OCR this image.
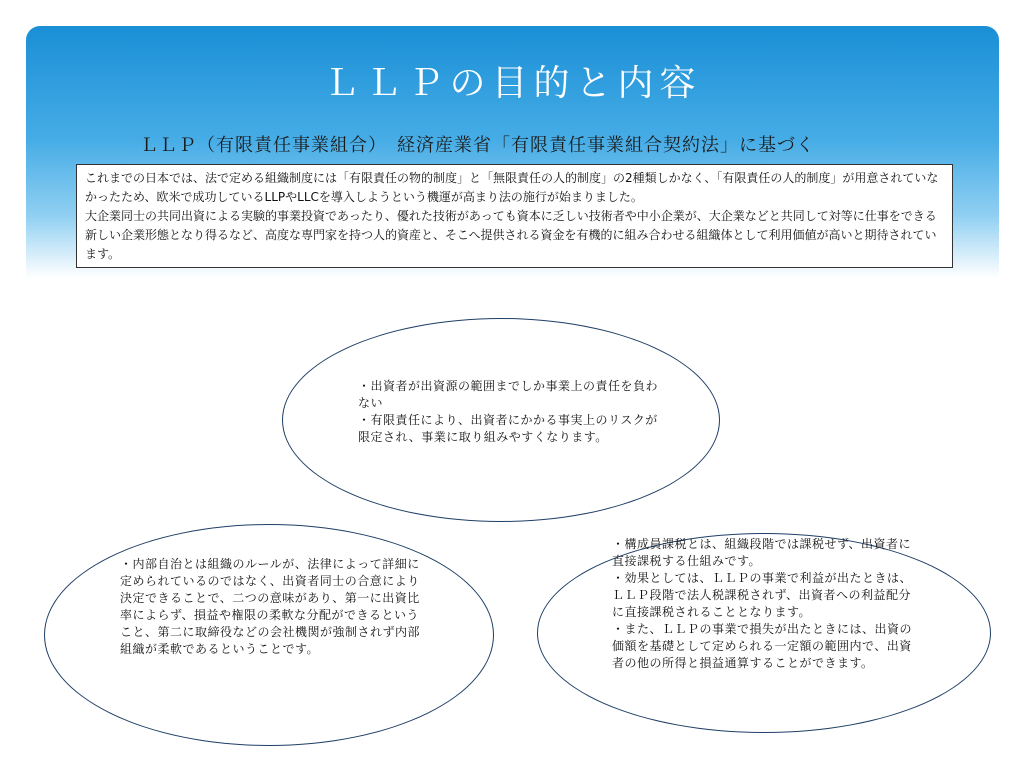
ＬＬＰの目的と内容
ＬＬＰ（有限責任事業組合）　経済産業省「有限責任事業組合契約法」に基づく

これまでの日本では、法で定める組織制度には「有限責任の物的制度」と「無限責任の人的制度」の2種類しかなく、「有限責任の人的制度」が用意されていなかったため、欧米で成功しているLLPやLLCを導入しようという機運が高まり法の施行が始まりました。

大企業同士の共同出資による実験的事業投資であったり、優れた技術があっても資本に乏しい技術者や中小企業が、大企業などと共同して対等に仕事をできる新しい企業形態となり得るなど、高度な専門家を持つ人的資産と、そこへ提供される資金を有機的に組み合わせる組織体として利用価値が高いと期待されています。

・出資者が出資源の範囲までしか事業上の責任を負わない

・有限責任により、出資者にかかる事実上のリスクが限定され、事業に取り組みやすくなります。

・内部自治とは組織のルールが、法律によって詳細に定められているのではなく、出資者同士の合意により決定できることで、二つの意味があり、第一に出資比率によらず、損益や権限の柔軟な分配ができるということ、第二に取締役などの会社機関が強制されず内部組織が柔軟であるということです。

・構成員課税とは、組織段階では課税せず、出資者に直接課税する仕組みです。

・効果としては、ＬＬＰの事業で利益が出たときは、ＬＬＰ段階で法人税課税されず、出資者への利益配分に直接課税されることとなります。

・また、ＬＬＰの事業で損失が出たときには、出資の価額を基礎として定められる一定額の範囲内で、出資者の他の所得と損益通算することができます。
